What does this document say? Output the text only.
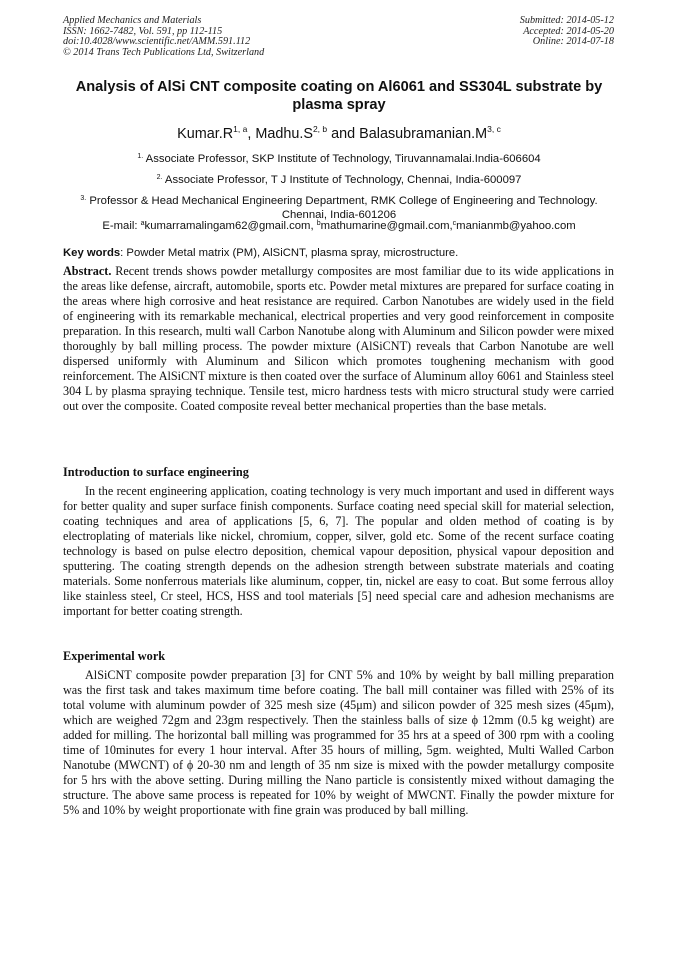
Applied Mechanics and Materials
ISSN: 1662-7482, Vol. 591, pp 112-115
doi:10.4028/www.scientific.net/AMM.591.112
© 2014 Trans Tech Publications Ltd, Switzerland
Submitted: 2014-05-12
Accepted: 2014-05-20
Online: 2014-07-18
Analysis of AlSi CNT composite coating on Al6061 and SS304L substrate by plasma spray
$Kumar.R^{1, a}$, $Madhu.S^{2, b}$ and $Balasubramanian.M^{3, c}$
$^{1.}$ Associate Professor, SKP Institute of Technology, Tiruvannamalai.India-606604
$^{2.}$ Associate Professor, T J Institute of Technology, Chennai, India-600097
$^{3.}$ Professor & Head Mechanical Engineering Department, RMK College of Engineering and Technology. Chennai, India-601206
E-mail: $^a$kumarramalingam62@gmail.com, $^b$mathumarine@gmail.com,$^c$manianmb@yahoo.com
Key words: Powder Metal matrix (PM), AlSiCNT, plasma spray, microstructure.

Abstract. Recent trends shows powder metallurgy composites are most familiar due to its wide applications in the areas like defense, aircraft, automobile, sports etc. Powder metal mixtures are prepared for surface coating in the areas where high corrosive and heat resistance are required. Carbon Nanotubes are widely used in the field of engineering with its remarkable mechanical, electrical properties and very good reinforcement in composite preparation. In this research, multi wall Carbon Nanotube along with Aluminum and Silicon powder were mixed thoroughly by ball milling process. The powder mixture (AlSiCNT) reveals that Carbon Nanotube are well dispersed uniformly with Aluminum and Silicon which promotes toughening mechanism with good reinforcement. The AlSiCNT mixture is then coated over the surface of Aluminum alloy 6061 and Stainless steel 304 L by plasma spraying technique. Tensile test, micro hardness tests with micro structural study were carried out over the composite. Coated composite reveal better mechanical properties than the base metals.

Introduction to surface engineering

In the recent engineering application, coating technology is very much important and used in different ways for better quality and super surface finish components. Surface coating need special skill for material selection, coating techniques and area of applications [5, 6, 7]. The popular and olden method of coating is by electroplating of materials like nickel, chromium, copper, silver, gold etc. Some of the recent surface coating technology is based on pulse electro deposition, chemical vapour deposition, physical vapour deposition and sputtering. The coating strength depends on the adhesion strength between substrate materials and coating materials. Some nonferrous materials like aluminum, copper, tin, nickel are easy to coat. But some ferrous alloy like stainless steel, Cr steel, HCS, HSS and tool materials [5] need special care and adhesion mechanisms are important for better coating strength.

Experimental work

AlSiCNT composite powder preparation [3] for CNT 5% and 10% by weight by ball milling preparation was the first task and takes maximum time before coating. The ball mill container was filled with 25% of its total volume with aluminum powder of 325 mesh size (45μm) and silicon powder of 325 mesh sizes (45μm), which are weighed 72gm and 23gm respectively. Then the stainless balls of size ϕ 12mm (0.5 kg weight) are added for milling. The horizontal ball milling was programmed for 35 hrs at a speed of 300 rpm with a cooling time of 10minutes for every 1 hour interval. After 35 hours of milling, 5gm. weighted, Multi Walled Carbon Nanotube (MWCNT) of ϕ 20-30 nm and length of 35 nm size is mixed with the powder metallurgy composite for 5 hrs with the above setting. During milling the Nano particle is consistently mixed without damaging the structure. The above same process is repeated for 10% by weight of MWCNT. Finally the powder mixture for 5% and 10% by weight proportionate with fine grain was produced by ball milling.
